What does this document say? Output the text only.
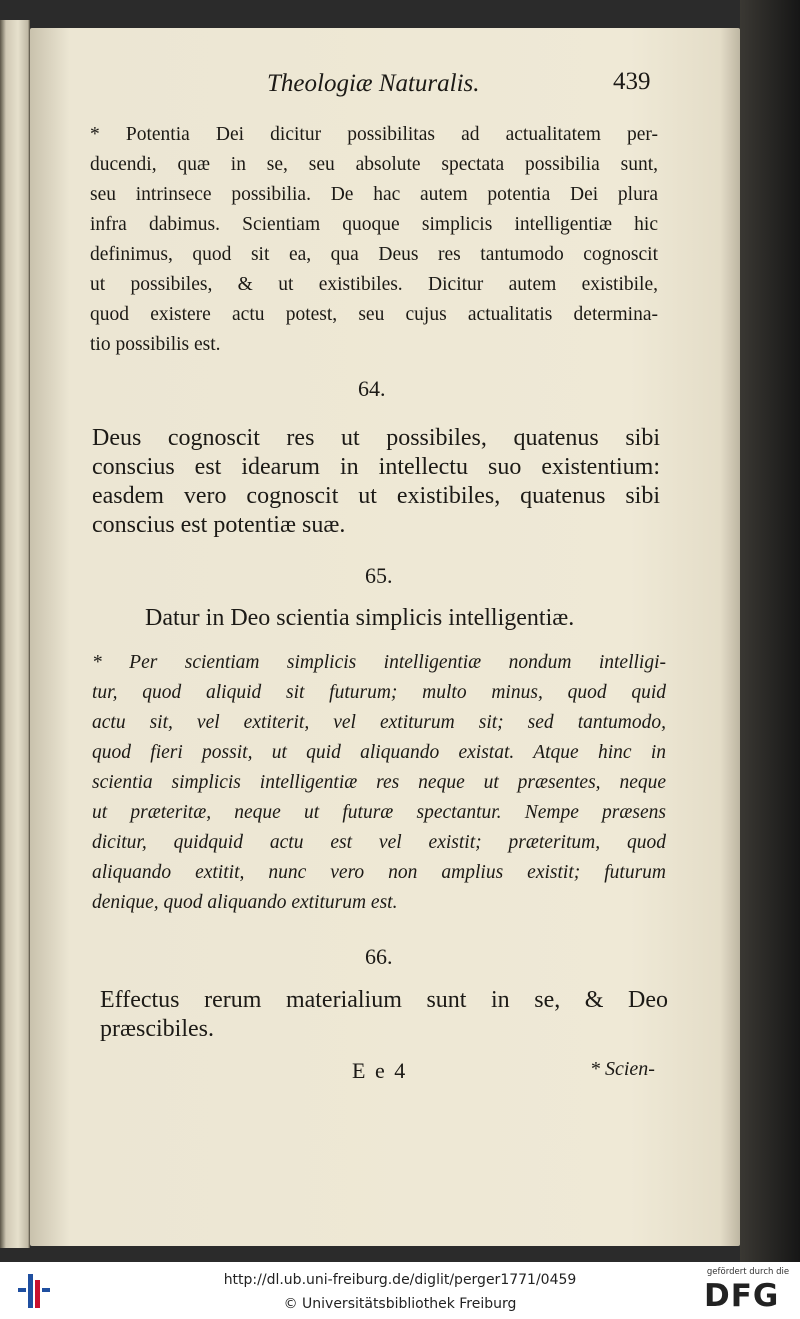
Theologiæ Naturalis.	439
* Potentia Dei dicitur possibilitas ad actualitatem per-
ducendi, quæ in se, seu absolute spectata possibilia sunt,
seu intrinsece possibilia. De hac autem potentia Dei plura
infra dabimus. Scientiam quoque simplicis intelligentiæ hic
definimus, quod sit ea, qua Deus res tantumodo cognoscit
ut possibiles, & ut existibiles. Dicitur autem existibile,
quod existere actu potest, seu cujus actualitatis determina-
tio possibilis est.
64.
Deus cognoscit res ut possibiles, quatenus sibi
conscius est idearum in intellectu suo existentium:
easdem vero cognoscit ut existibiles, quatenus sibi
conscius est potentiæ suæ.
65.
Datur in Deo scientia simplicis intelligentiæ.
* Per scientiam simplicis intelligentiæ nondum intelligi-
tur, quod aliquid sit futurum; multo minus, quod quid
actu sit, vel extiterit, vel extiturum sit; sed tantumodo,
quod fieri possit, ut quid aliquando existat. Atque hinc in
scientia simplicis intelligentiæ res neque ut præsentes, neque
ut præteritæ, neque ut futuræ spectantur. Nempe præsens
dicitur, quidquid actu est vel existit; præteritum, quod
aliquando extitit, nunc vero non amplius existit; futurum
denique, quod aliquando extiturum est.
66.
Effectus rerum materialium sunt in se, & Deo
præscibiles.
E e 4	* Scien-
http://dl.ub.uni-freiburg.de/diglit/perger1771/0459
© Universitätsbibliothek Freiburg
gefördert durch die
DFG
